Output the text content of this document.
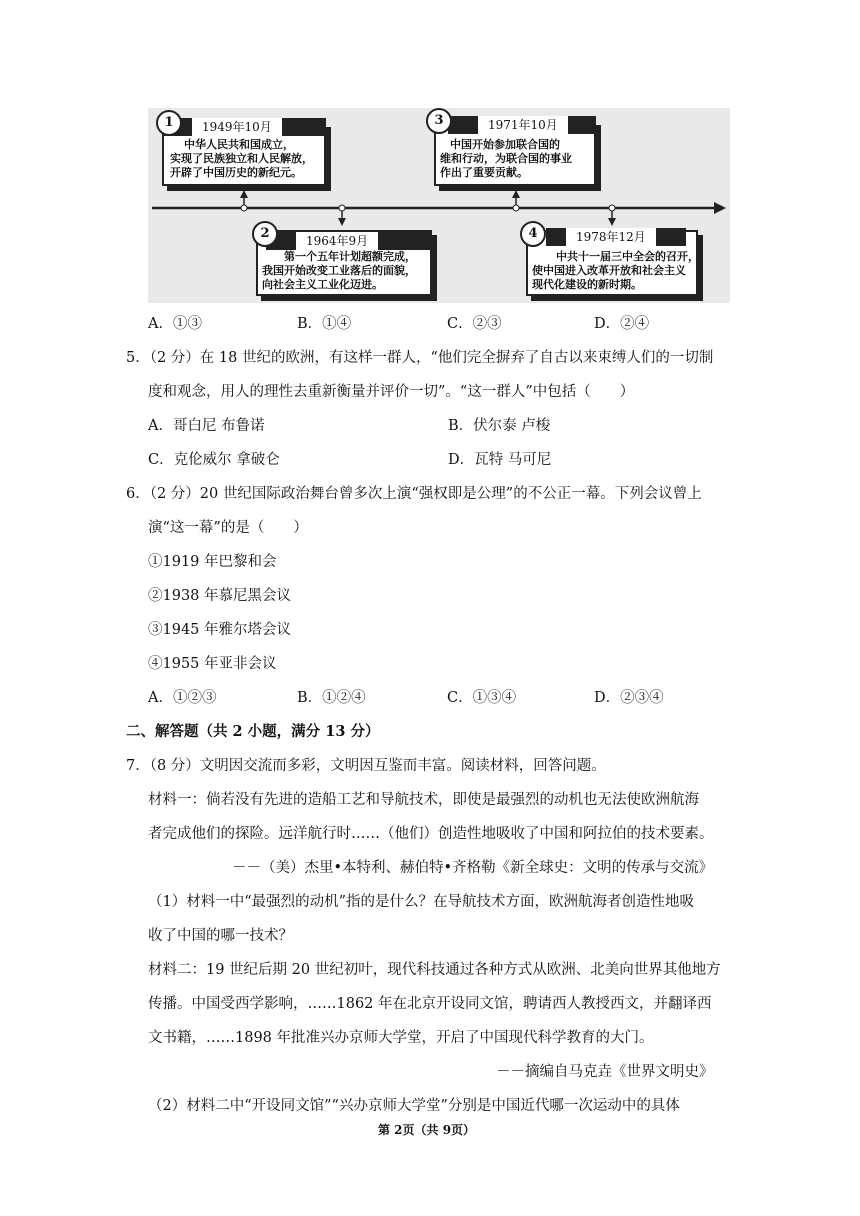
中华人民共和国成立，
实现了民族独立和人民解放，
开辟了中国历史的新纪元。
1949年10月
1
第一个五年计划超额完成，
我国开始改变工业落后的面貌，
向社会主义工业化迈进。
1964年9月
2
中国开始参加联合国的
维和行动，为联合国的事业
作出了重要贡献。
1971年10月
3
中共十一届三中全会的召开，
使中国进入改革开放和社会主义
现代化建设的新时期。
1978年12月
4
A．①③	B．①④	C．②③	D．②④
5．（2 分）在 18 世纪的欧洲，有这样一群人，“他们完全摒弃了自古以来束缚人们的一切制
度和观念，用人的理性去重新衡量并评价一切”。“这一群人”中包括（　　）
A．哥白尼 布鲁诺	B．伏尔泰 卢梭
C．克伦威尔 拿破仑	D．瓦特 马可尼
6．（2 分）20 世纪国际政治舞台曾多次上演“强权即是公理”的不公正一幕。下列会议曾上
演“这一幕”的是（　　）
①1919 年巴黎和会
②1938 年慕尼黑会议
③1945 年雅尔塔会议
④1955 年亚非会议
A．①②③	B．①②④	C．①③④	D．②③④
二、解答题（共 2 小题，满分 13 分）
7．（8 分）文明因交流而多彩，文明因互鉴而丰富。阅读材料，回答问题。
材料一：倘若没有先进的造船工艺和导航技术，即使是最强烈的动机也无法使欧洲航海
者完成他们的探险。远洋航行时……（他们）创造性地吸收了中国和阿拉伯的技术要素。
－－（美）杰里•本特利、赫伯特•齐格勒《新全球史：文明的传承与交流》
（1）材料一中“最强烈的动机”指的是什么？在导航技术方面，欧洲航海者创造性地吸
收了中国的哪一技术？
材料二：19 世纪后期 20 世纪初叶，现代科技通过各种方式从欧洲、北美向世界其他地方
传播。中国受西学影响，……1862 年在北京开设同文馆，聘请西人教授西文，并翻译西
文书籍，……1898 年批准兴办京师大学堂，开启了中国现代科学教育的大门。
－－摘编自马克垚《世界文明史》
（2）材料二中“开设同文馆”“兴办京师大学堂”分别是中国近代哪一次运动中的具体
第 2页（共 9页）
